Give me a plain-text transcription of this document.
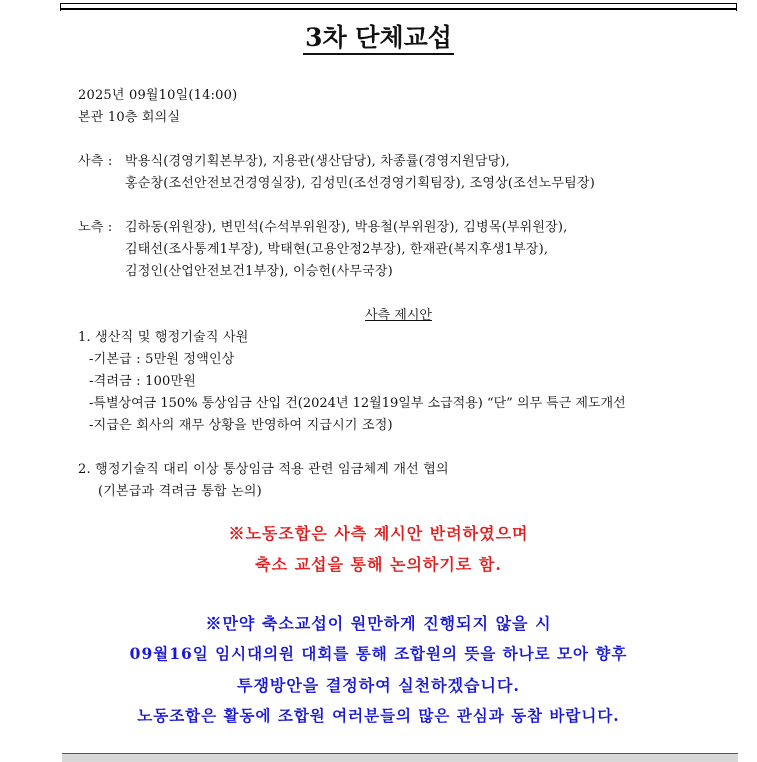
3차 단체교섭
2025년 09월10일(14:00)
본관 10층 회의실
사측 : 박용식(경영기획본부장), 지용관(생산담당), 차종률(경영지원담당),
홍순창(조선안전보건경영실장), 김성민(조선경영기획팀장), 조영상(조선노무팀장)
노측 : 김하동(위원장), 변민석(수석부위원장), 박용철(부위원장), 김병목(부위원장),
김태선(조사통계1부장), 박태현(고용안정2부장), 한재관(복지후생1부장),
김정인(산업안전보건1부장), 이승헌(사무국장)
사측 제시안
1. 생산직 및 행정기술직 사원
-기본급 : 5만원 정액인상
-격려금 : 100만원
-특별상여금 150% 통상임금 산입 건(2024년 12월19일부 소급적용) “단” 의무 특근 제도개선
-지급은 회사의 재무 상황을 반영하여 지급시기 조정)
2. 행정기술직 대리 이상 통상임금 적용 관련 임금체계 개선 협의
(기본급과 격려금 통합 논의)
※노동조합은 사측 제시안 반려하였으며
축소 교섭을 통해 논의하기로 함.
※만약 축소교섭이 원만하게 진행되지 않을 시
09월16일 임시대의원 대회를 통해 조합원의 뜻을 하나로 모아 향후
투쟁방안을 결정하여 실천하겠습니다.
노동조합은 활동에 조합원 여러분들의 많은 관심과 동참 바랍니다.
